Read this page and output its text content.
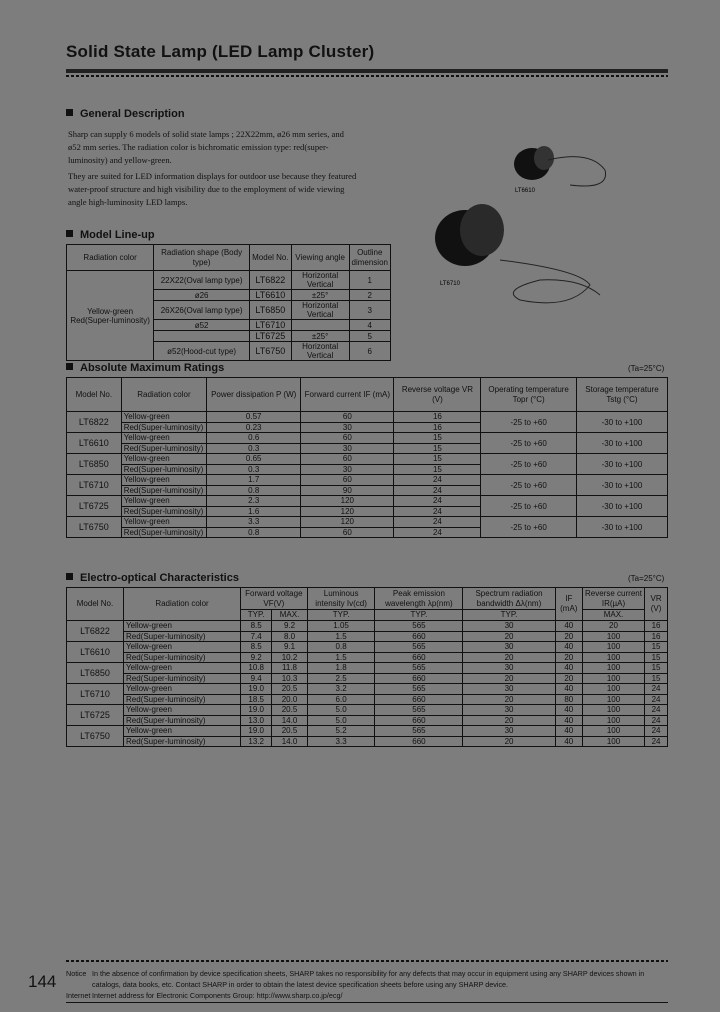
Solid State Lamp (LED Lamp Cluster)
General Description

Sharp can supply 6 models of solid state lamps ; 22X22mm, ø26 mm series, and ø52 mm series. The radiation color is bichromatic emission type: red(super-luminosity) and yellow-green.

They are suited for LED information displays for outdoor use because they featured water-proof structure and high visibility due to the employment of wide viewing angle high-luminosity LED lamps.

LT6610
LT6710
Model Line-up
Radiation color	Radiation shape (Body type)	Model No.	Viewing angle	Outline dimension
Yellow-green
Red(Super-luminosity)	22X22(Oval lamp type)	LT6822	Horizontal Vertical	1
	ø26	LT6610	±25°	2
	26X26(Oval lamp type)	LT6850	Horizontal Vertical	3
	ø52	LT6710		4
		LT6725	±25°	5
	ø52(Hood-cut type)	LT6750	Horizontal Vertical	6
Absolute Maximum Ratings	(Ta=25°C)
Model No.	Radiation color	Power dissipation P (W)	Forward current IF (mA)	Reverse voltage VR (V)	Operating temperature Topr (°C)	Storage temperature Tstg (°C)
LT6822	Yellow-green	0.57	60	16	-25 to +60	-30 to +100
	Red(Super-luminosity)	0.23	30	16		
LT6610	Yellow-green	0.6	60	15	-25 to +60	-30 to +100
	Red(Super-luminosity)	0.3	30	15		
LT6850	Yellow-green	0.65	60	15	-25 to +60	-30 to +100
	Red(Super-luminosity)	0.3	30	15		
LT6710	Yellow-green	1.7	60	24	-25 to +60	-30 to +100
	Red(Super-luminosity)	0.8	90	24		
LT6725	Yellow-green	2.3	120	24	-25 to +60	-30 to +100
	Red(Super-luminosity)	1.6	120	24		
LT6750	Yellow-green	3.3	120	24	-25 to +60	-30 to +100
	Red(Super-luminosity)	0.8	60	24		
Electro-optical Characteristics	(Ta=25°C)
Model No.	Radiation color	Forward voltage VF(V)		Luminous intensity Iv(cd)	Peak emission wavelength λp(nm)	Spectrum radiation bandwidth Δλ(nm)	IF (mA)	Reverse current IR(µA)	VR (V)
		TYP.	MAX.	TYP.	TYP.	TYP.		MAX.	
LT6822	Yellow-green	8.5	9.2	1.05	565	30	40	20	16
	Red(Super-luminosity)	7.4	8.0	1.5	660	20	20	100	16
LT6610	Yellow-green	8.5	9.1	0.8	565	30	40	100	15
	Red(Super-luminosity)	9.2	10.2	1.5	660	20	20	100	15
LT6850	Yellow-green	10.8	11.8	1.8	565	30	40	100	15
	Red(Super-luminosity)	9.4	10.3	2.5	660	20	20	100	15
LT6710	Yellow-green	19.0	20.5	3.2	565	30	40	100	24
	Red(Super-luminosity)	18.5	20.0	6.0	660	20	80	100	24
LT6725	Yellow-green	19.0	20.5	5.0	565	30	40	100	24
	Red(Super-luminosity)	13.0	14.0	5.0	660	20	40	100	24
LT6750	Yellow-green	19.0	20.5	5.2	565	30	40	100	24
	Red(Super-luminosity)	13.2	14.0	3.3	660	20	40	100	24
144 Notice In the absence of confirmation by device specification sheets, SHARP takes no responsibility for any defects that may occur in equipment using any SHARP devices shown in catalogs, data books, etc. Contact SHARP in order to obtain the latest device specification sheets before using any SHARP device.
Internet Internet address for Electronic Components Group: http://www.sharp.co.jp/ecg/
